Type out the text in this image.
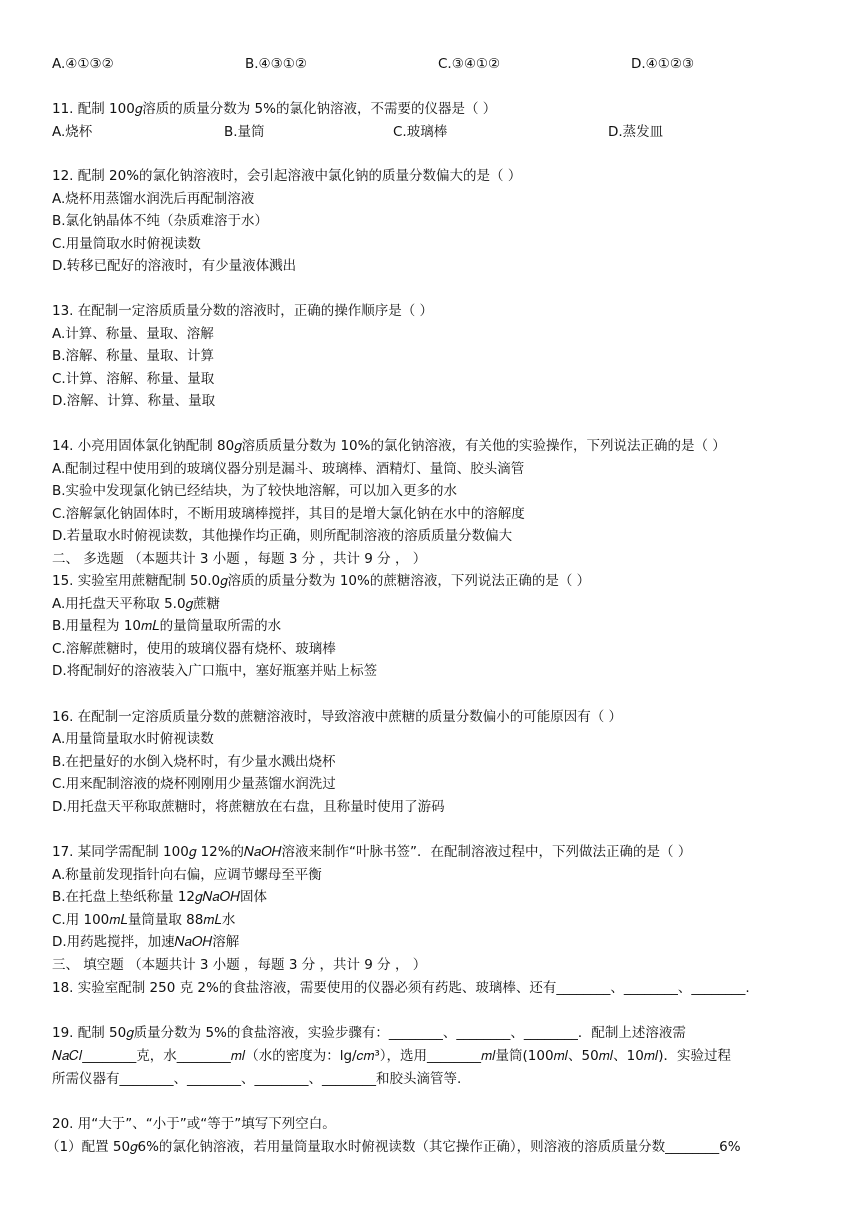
A.④①③②	B.④③①②	C.③④①②	D.④①②③
11. 配制 100𝑔溶质的质量分数为 5%的氯化钠溶液，不需要的仪器是（ ）
A.烧杯	B.量筒	C.玻璃棒	D.蒸发皿
12. 配制 20%的氯化钠溶液时，会引起溶液中氯化钠的质量分数偏大的是（ ）
A.烧杯用蒸馏水润洗后再配制溶液
B.氯化钠晶体不纯（杂质难溶于水）
C.用量筒取水时俯视读数
D.转移已配好的溶液时，有少量液体溅出
13. 在配制一定溶质质量分数的溶液时，正确的操作顺序是（ ）
A.计算、称量、量取、溶解
B.溶解、称量、量取、计算
C.计算、溶解、称量、量取
D.溶解、计算、称量、量取
14. 小亮用固体氯化钠配制 80𝑔溶质质量分数为 10%的氯化钠溶液，有关他的实验操作，下列说法正确的是（ ）
A.配制过程中使用到的玻璃仪器分别是漏斗、玻璃棒、酒精灯、量筒、胶头滴管
B.实验中发现氯化钠已经结块，为了较快地溶解，可以加入更多的水
C.溶解氯化钠固体时，不断用玻璃棒搅拌，其目的是增大氯化钠在水中的溶解度
D.若量取水时俯视读数，其他操作均正确，则所配制溶液的溶质质量分数偏大
二、 多选题 （本题共计 3 小题 ，每题 3 分 ，共计 9 分 ， ）
15. 实验室用蔗糖配制 50.0𝑔溶质的质量分数为 10%的蔗糖溶液，下列说法正确的是（ ）
A.用托盘天平称取 5.0𝑔蔗糖
B.用量程为 10𝑚𝐿的量筒量取所需的水
C.溶解蔗糖时，使用的玻璃仪器有烧杯、玻璃棒
D.将配制好的溶液装入广口瓶中，塞好瓶塞并贴上标签
16. 在配制一定溶质质量分数的蔗糖溶液时，导致溶液中蔗糖的质量分数偏小的可能原因有（ ）
A.用量筒量取水时俯视读数
B.在把量好的水倒入烧杯时，有少量水溅出烧杯
C.用来配制溶液的烧杯刚刚用少量蒸馏水润洗过
D.用托盘天平称取蔗糖时，将蔗糖放在右盘，且称量时使用了游码
17. 某同学需配制 100𝑔 12%的𝑁𝑎𝑂𝐻溶液来制作“叶脉书签”．在配制溶液过程中，下列做法正确的是（ ）
A.称量前发现指针向右偏，应调节螺母至平衡
B.在托盘上垫纸称量 12𝑔𝑁𝑎𝑂𝐻固体
C.用 100𝑚𝐿量筒量取 88𝑚𝐿水
D.用药匙搅拌，加速𝑁𝑎𝑂𝐻溶解
三、 填空题 （本题共计 3 小题 ，每题 3 分 ，共计 9 分 ， ）
18. 实验室配制 250 克 2%的食盐溶液，需要使用的仪器必须有药匙、玻璃棒、还有________、________、________.
19. 配制 50𝑔质量分数为 5%的食盐溶液，实验步骤有：________、________、________．配制上述溶液需
𝑁𝑎𝐶𝑙________克，水________𝑚𝑙（水的密度为：lg/𝑐𝑚³），选用________𝑚𝑙量筒(100𝑚𝑙、50𝑚𝑙、10𝑚𝑙)．实验过程
所需仪器有________、________、________、________和胶头滴管等.
20. 用“大于”、“小于”或“等于”填写下列空白。
（1）配置 50𝑔6%的氯化钠溶液，若用量筒量取水时俯视读数（其它操作正确），则溶液的溶质质量分数________6%
